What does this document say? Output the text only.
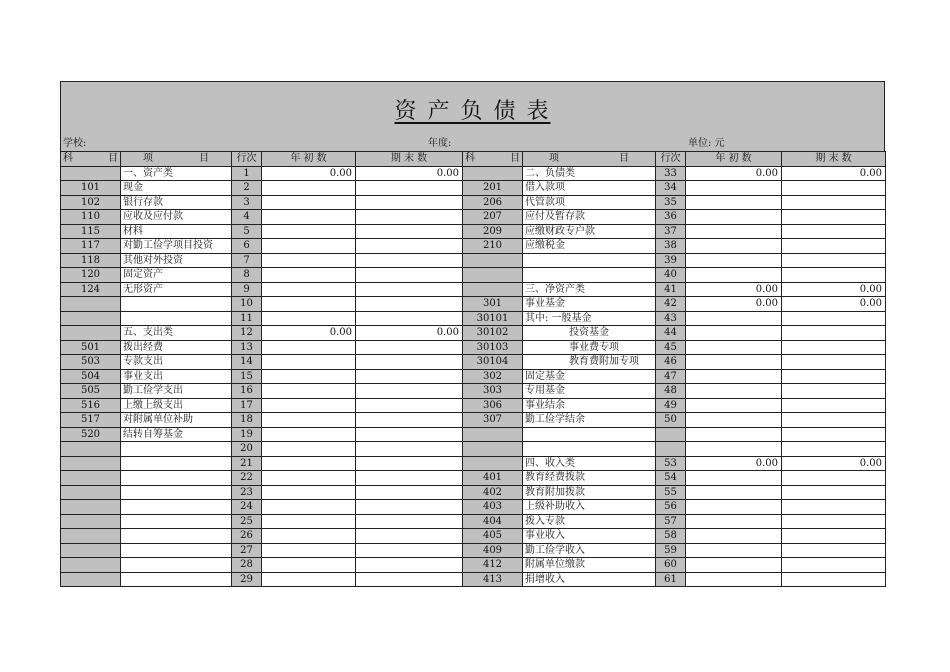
资 产 负 债 表
学校:	年度:	单位: 元
科 目	项 目	行次	年 初 数	期 末 数	科 目	项 目	行次	年 初 数	期 末 数
	一、资产类	1	0.00	0.00		二、负债类	33	0.00	0.00
101	现金	2			201	借入款项	34		
102	银行存款	3			206	代管款项	35		
110	应收及应付款	4			207	应付及暂存款	36		
115	材料	5			209	应缴财政专户款	37		
117	对勤工俭学项目投资	6			210	应缴税金	38		
118	其他对外投资	7					39		
120	固定资产	8					40		
124	无形资产	9				三、净资产类	41	0.00	0.00
		10			301	事业基金	42	0.00	0.00
		11			30101	其中: 一般基金	43		
	五、支出类	12	0.00	0.00	30102	投资基金	44		
501	拨出经费	13			30103	事业费专项	45		
503	专款支出	14			30104	教育费附加专项	46		
504	事业支出	15			302	固定基金	47		
505	勤工俭学支出	16			303	专用基金	48		
516	上缴上级支出	17			306	事业结余	49		
517	对附属单位补助	18			307	勤工俭学结余	50		
520	结转自筹基金	19							
		20							
		21				四、收入类	53	0.00	0.00
		22			401	教育经费拨款	54		
		23			402	教育附加拨款	55		
		24			403	上级补助收入	56		
		25			404	拨入专款	57		
		26			405	事业收入	58		
		27			409	勤工俭学收入	59		
		28			412	附属单位缴款	60		
		29			413	捐增收入	61		
